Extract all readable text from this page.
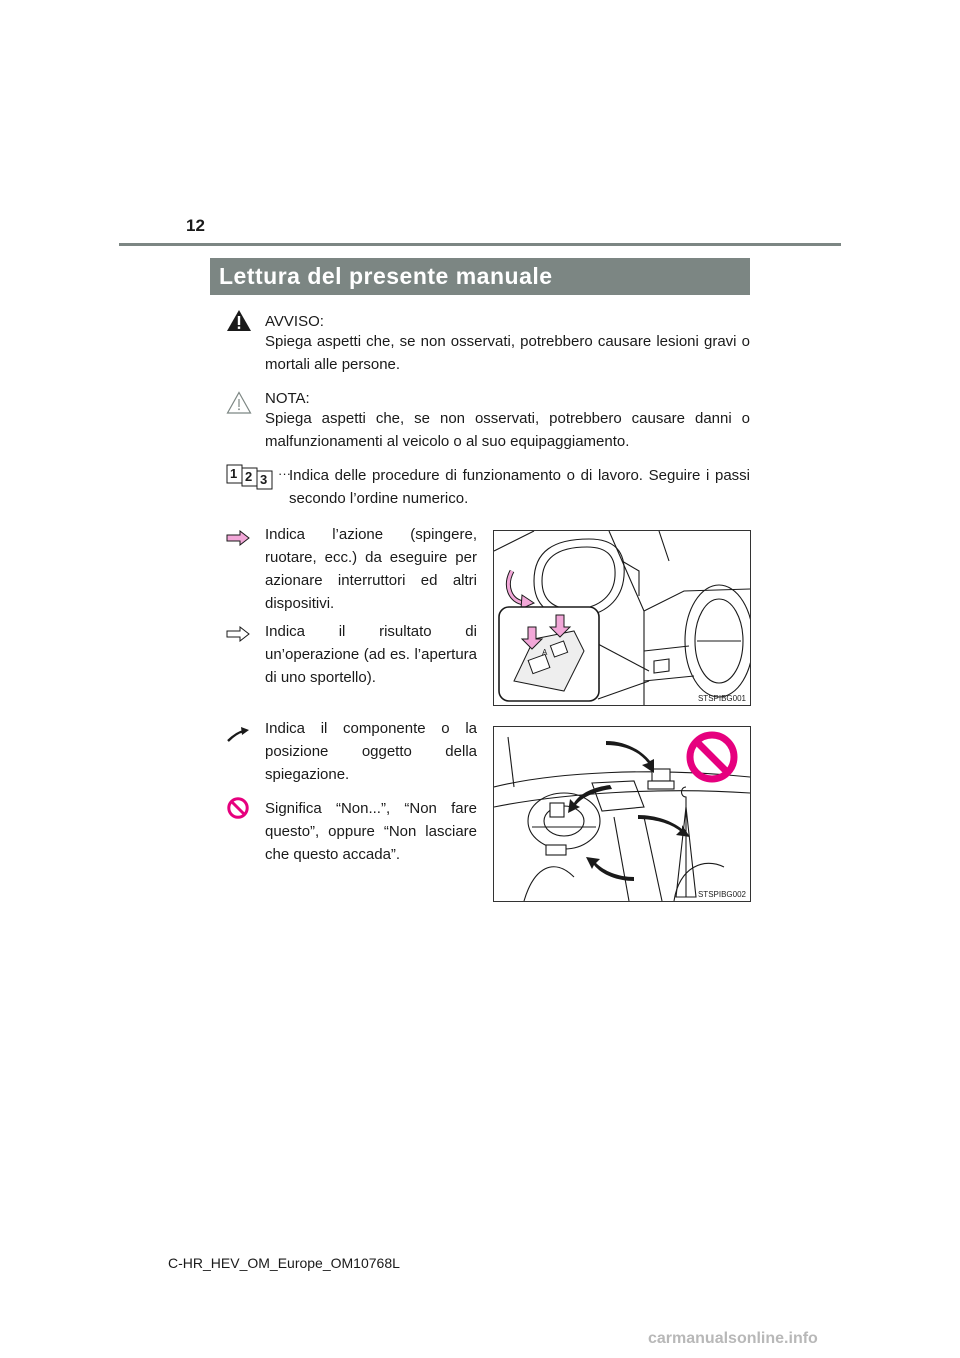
12
Lettura del presente manuale
AVVISO:
Spiega aspetti che, se non osservati, potrebbero causare lesioni gravi o mortali alle persone.
NOTA:
Spiega aspetti che, se non osservati, potrebbero causare danni o malfunzionamenti al veicolo o al suo equipaggiamento.
1 2 3 ···
Indica delle procedure di funzionamento o di lavoro. Seguire i passi secondo l’ordine numerico.
Indica l’azione (spingere, ruotare, ecc.) da eseguire per azionare interruttori ed altri dispositivi.
Indica il risultato di un’operazione (ad es. l’apertura di uno sportello).
Indica il componente o la posizione oggetto della spiegazione.
Significa “Non...”, “Non fare questo”, oppure “Non lasciare che questo accada”.
A
STSPIBG001
STSPIBG002
C-HR_HEV_OM_Europe_OM10768L
carmanualsonline.info
